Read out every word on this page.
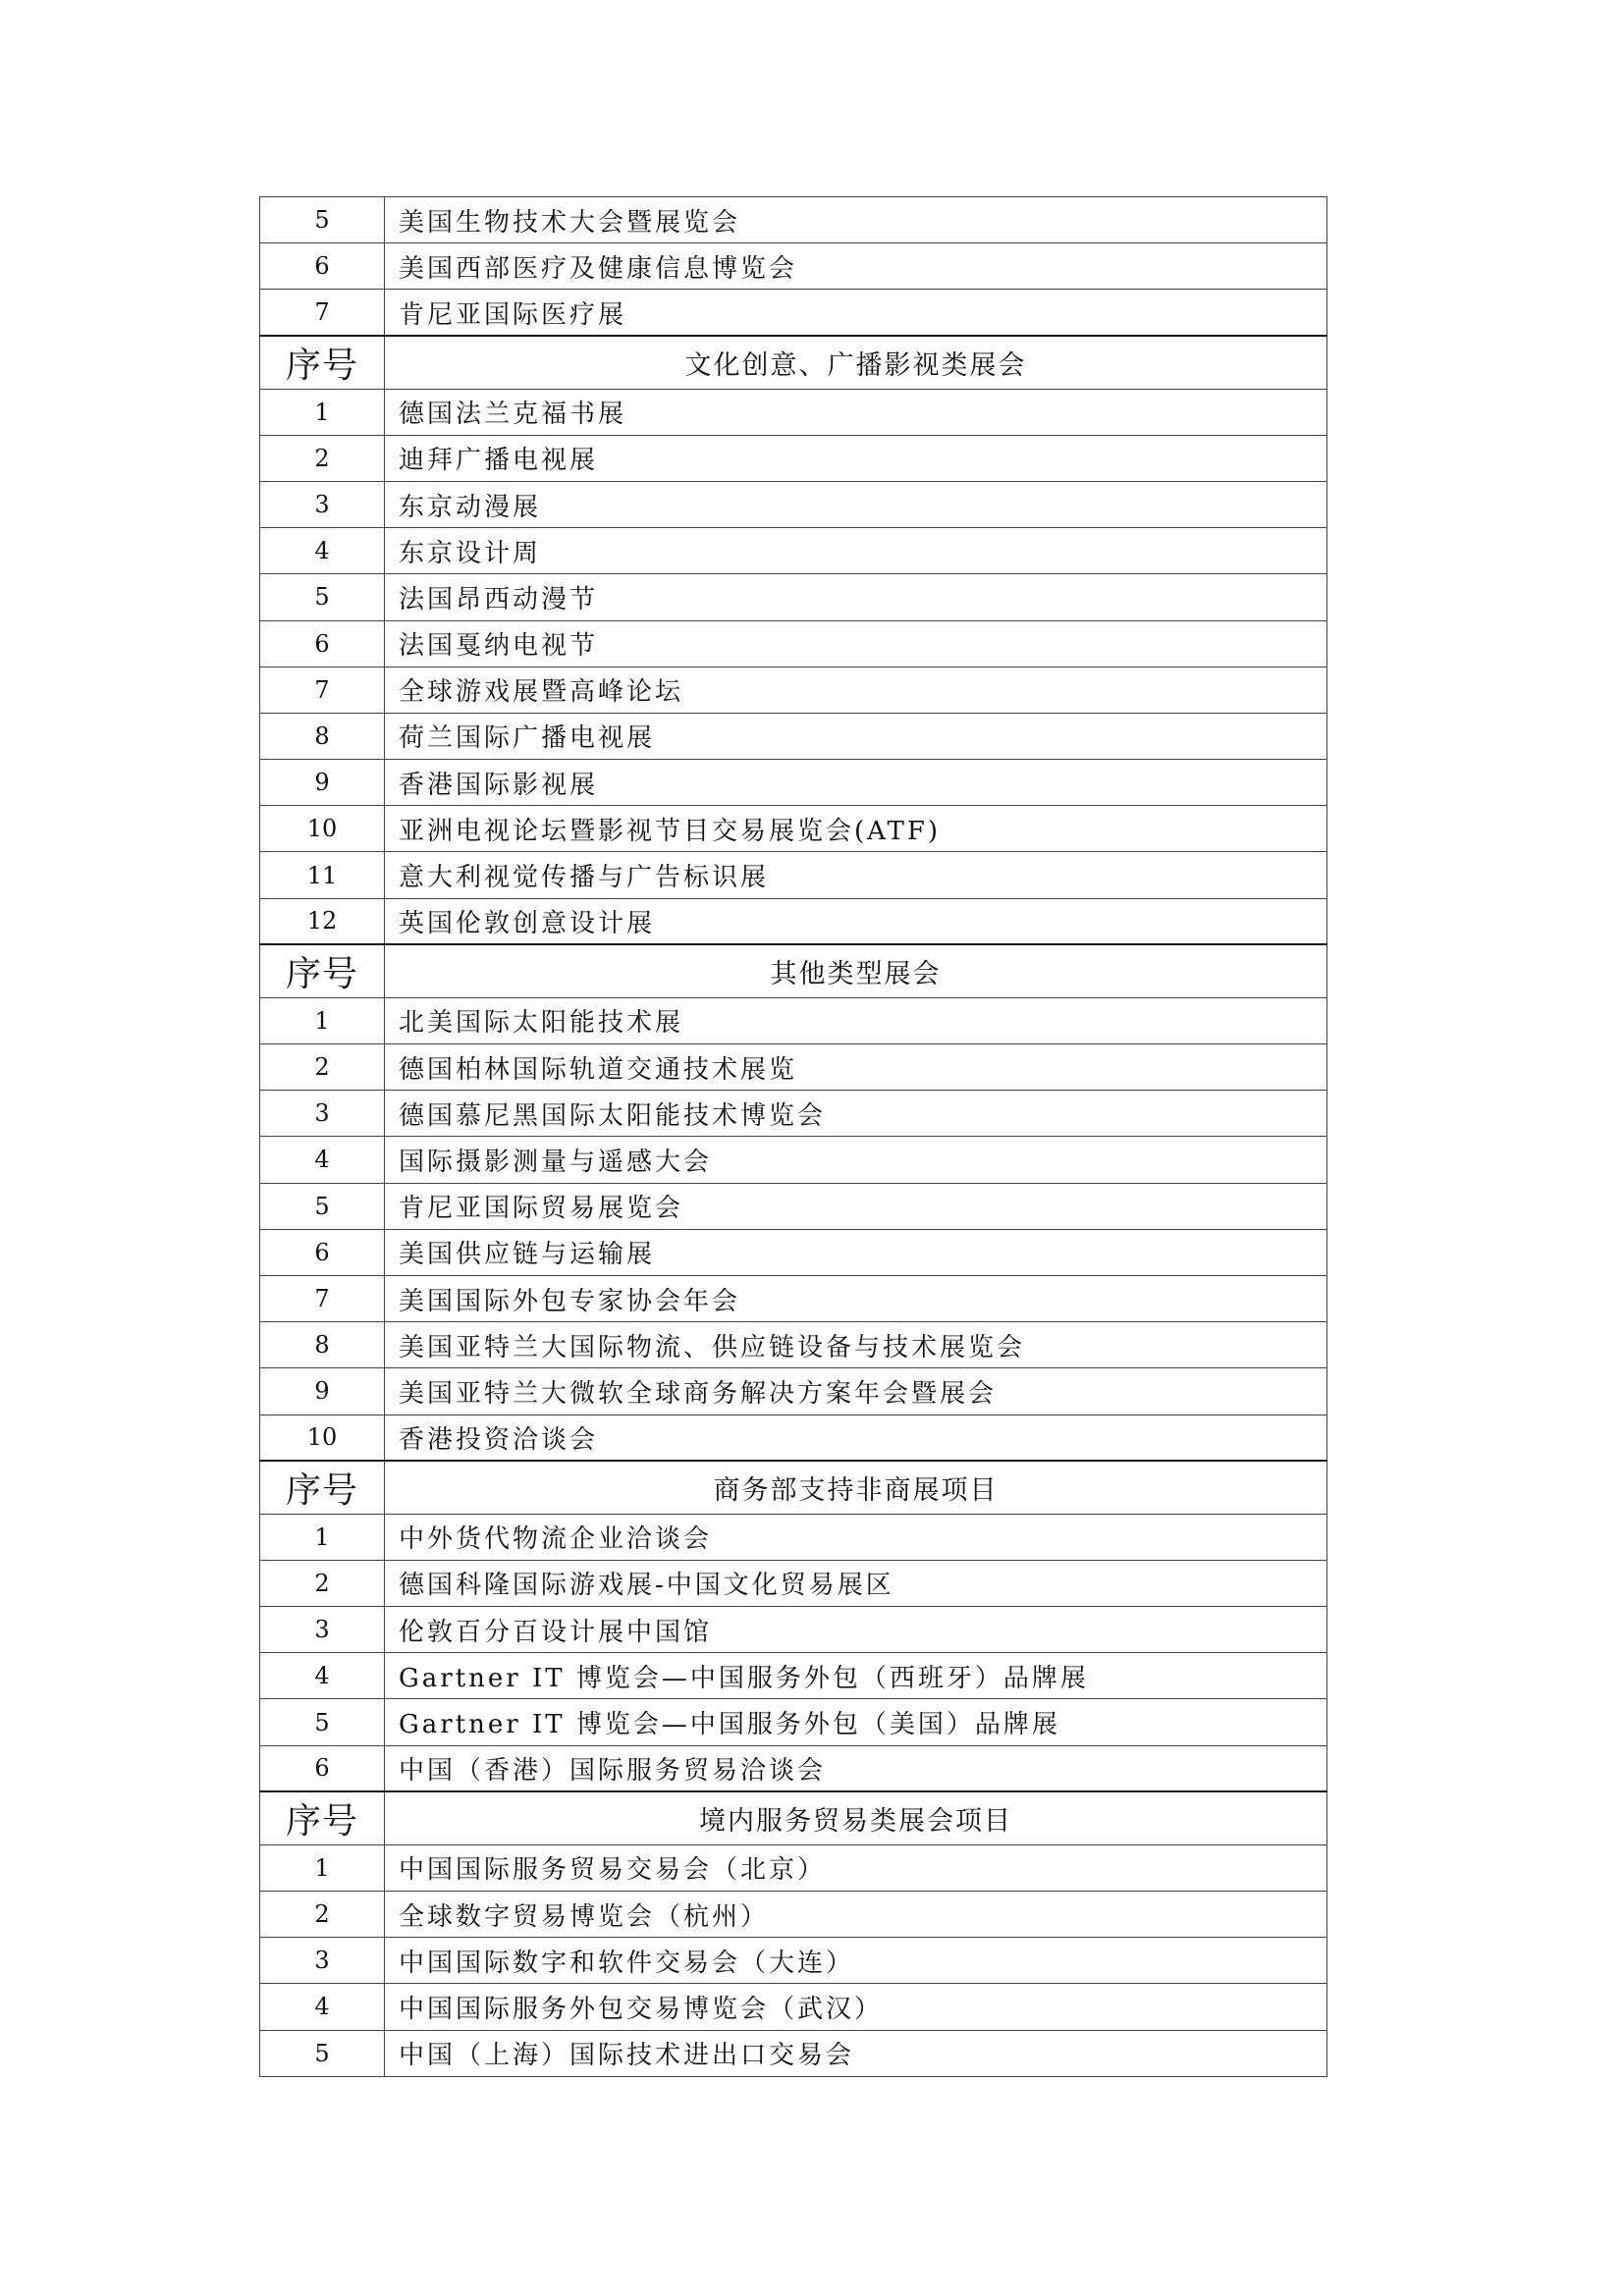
5	美国生物技术大会暨展览会
6	美国西部医疗及健康信息博览会
7	肯尼亚国际医疗展
序号	文化创意、广播影视类展会
1	德国法兰克福书展
2	迪拜广播电视展
3	东京动漫展
4	东京设计周
5	法国昂西动漫节
6	法国戛纳电视节
7	全球游戏展暨高峰论坛
8	荷兰国际广播电视展
9	香港国际影视展
10	亚洲电视论坛暨影视节目交易展览会(ATF)
11	意大利视觉传播与广告标识展
12	英国伦敦创意设计展
序号	其他类型展会
1	北美国际太阳能技术展
2	德国柏林国际轨道交通技术展览
3	德国慕尼黑国际太阳能技术博览会
4	国际摄影测量与遥感大会
5	肯尼亚国际贸易展览会
6	美国供应链与运输展
7	美国国际外包专家协会年会
8	美国亚特兰大国际物流、供应链设备与技术展览会
9	美国亚特兰大微软全球商务解决方案年会暨展会
10	香港投资洽谈会
序号	商务部支持非商展项目
1	中外货代物流企业洽谈会
2	德国科隆国际游戏展-中国文化贸易展区
3	伦敦百分百设计展中国馆
4	Gartner IT 博览会—中国服务外包（西班牙）品牌展
5	Gartner IT 博览会—中国服务外包（美国）品牌展
6	中国（香港）国际服务贸易洽谈会
序号	境内服务贸易类展会项目
1	中国国际服务贸易交易会（北京）
2	全球数字贸易博览会（杭州）
3	中国国际数字和软件交易会（大连）
4	中国国际服务外包交易博览会（武汉）
5	中国（上海）国际技术进出口交易会
